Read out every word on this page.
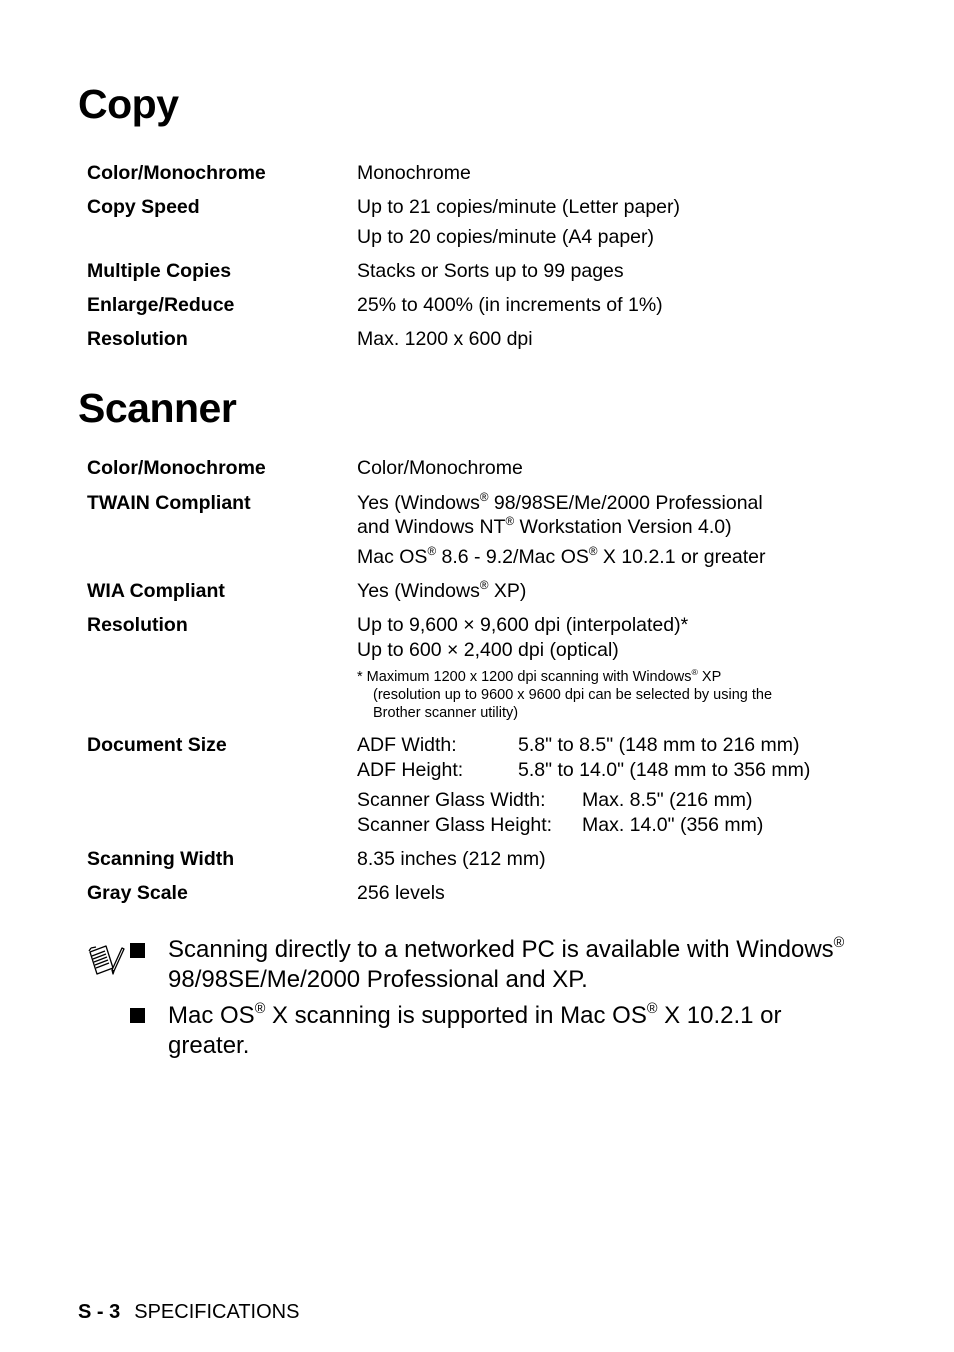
Copy
Color/Monochrome	Monochrome
Copy Speed	Up to 21 copies/minute (Letter paper)
Up to 20 copies/minute (A4 paper)
Multiple Copies	Stacks or Sorts up to 99 pages
Enlarge/Reduce	25% to 400% (in increments of 1%)
Resolution	Max. 1200 x 600 dpi
Scanner
Color/Monochrome	Color/Monochrome
TWAIN Compliant	Yes (Windows® 98/98SE/Me/2000 Professional
and Windows NT® Workstation Version 4.0)
Mac OS® 8.6 - 9.2/Mac OS® X 10.2.1 or greater
WIA Compliant	Yes (Windows® XP)
Resolution	Up to 9,600 × 9,600 dpi (interpolated)*
Up to 600 × 2,400 dpi (optical)
* Maximum 1200 x 1200 dpi scanning with Windows® XP
(resolution up to 9600 x 9600 dpi can be selected by using the
Brother scanner utility)
Document Size	ADF Width:	5.8" to 8.5" (148 mm to 216 mm)
ADF Height:	5.8" to 14.0" (148 mm to 356 mm)
Scanner Glass Width: Max. 8.5" (216 mm)
Scanner Glass Height: Max. 14.0" (356 mm)
Scanning Width	8.35 inches (212 mm)
Gray Scale	256 levels
Scanning directly to a networked PC is available with Windows® 98/98SE/Me/2000 Professional and XP.
Mac OS® X scanning is supported in Mac OS® X 10.2.1 or greater.
S - 3 SPECIFICATIONS
